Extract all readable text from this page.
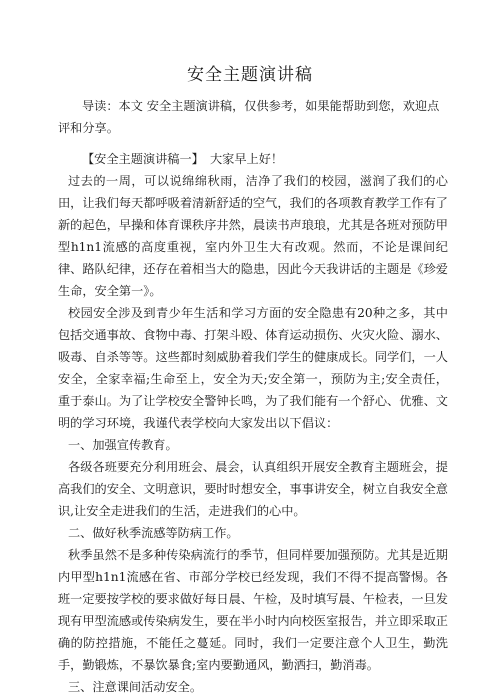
安全主题演讲稿
导读：本文 安全主题演讲稿，仅供参考，如果能帮助到您，欢迎点评和分享。

【安全主题演讲稿一】　大家早上好！

过去的一周，可以说绵绵秋雨，洁净了我们的校园，滋润了我们的心田，让我们每天都呼吸着清新舒适的空气，我们的各项教育教学工作有了新的起色，早操和体育课秩序井然，晨读书声琅琅，尤其是各班对预防甲型h1n1流感的高度重视，室内外卫生大有改观。然而，不论是课间纪律、路队纪律，还存在着相当大的隐患，因此今天我讲话的主题是《珍爱生命，安全第一》。

校园安全涉及到青少年生活和学习方面的安全隐患有20种之多，其中包括交通事故、食物中毒、打架斗殴、体育运动损伤、火灾火险、溺水、吸毒、自杀等等。这些都时刻威胁着我们学生的健康成长。同学们，一人安全，全家幸福;生命至上，安全为天;安全第一，预防为主;安全责任，重于泰山。为了让学校安全警钟长鸣，为了我们能有一个舒心、优雅、文明的学习环境，我谨代表学校向大家发出以下倡议：

一、加强宣传教育。

各级各班要充分利用班会、晨会，认真组织开展安全教育主题班会，提高我们的安全、文明意识，要时时想安全，事事讲安全，树立自我安全意识,让安全走进我们的生活，走进我们的心中。

二、做好秋季流感等防病工作。

秋季虽然不是多种传染病流行的季节，但同样要加强预防。尤其是近期内甲型h1n1流感在省、市部分学校已经发现，我们不得不提高警惕。各班一定要按学校的要求做好每日晨、午检，及时填写晨、午检表，一旦发现有甲型流感或传染病发生，要在半小时内向校医室报告，并立即采取正确的防控措施，不能任之蔓延。同时，我们一定要注意个人卫生，勤洗手，勤锻炼，不暴饮暴食;室内要勤通风，勤洒扫，勤消毒。

三、注意课间活动安全。
